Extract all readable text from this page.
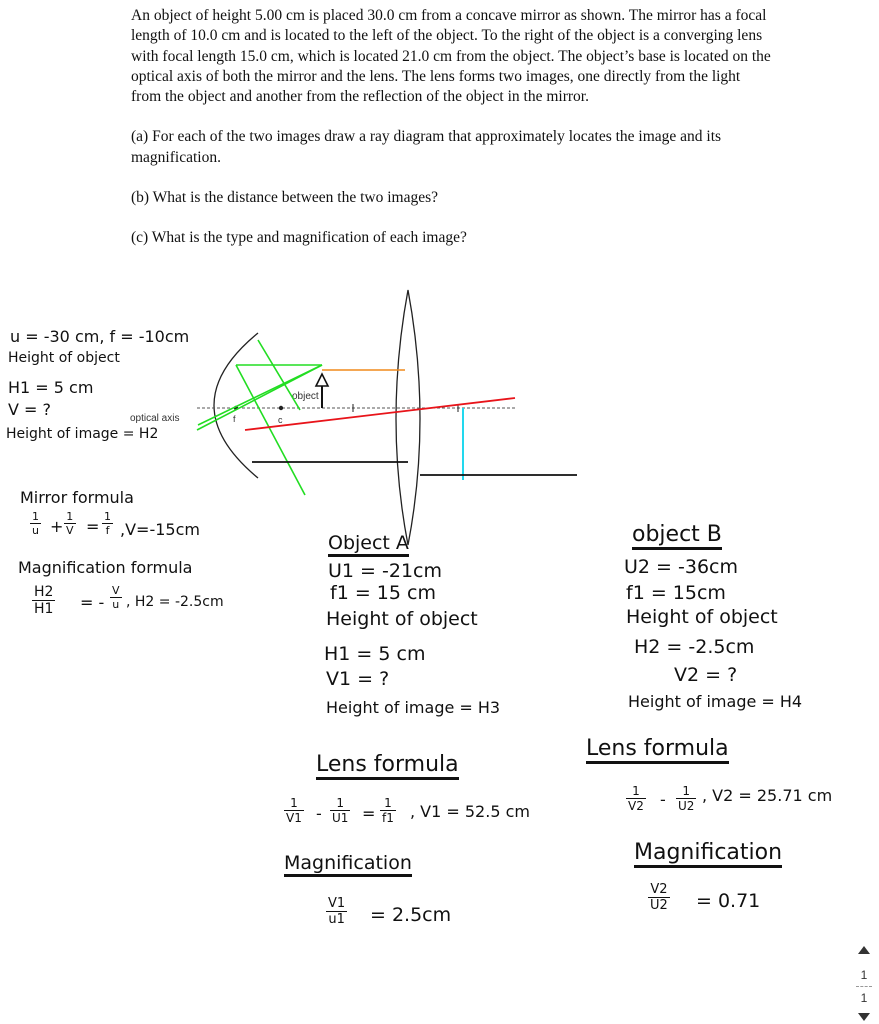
An object of height 5.00 cm is placed 30.0 cm from a concave mirror as shown. The mirror has a focal length of 10.0 cm and is located to the left of the object. To the right of the object is a converging lens with focal length 15.0 cm, which is located 21.0 cm from the object. The object’s base is located on the optical axis of both the mirror and the lens. The lens forms two images, one directly from the light from the object and another from the reflection of the object in the mirror.

(a) For each of the two images draw a ray diagram that approximately locates the image and its magnification.

(b) What is the distance between the two images?

(c) What is the type and magnification of each image?

optical axis	f	c
object
u = -30 cm, f = -10cm
Height of object
H1 = 5 cm
V = ?
Height of image = H2
Mirror formula
$\frac{1}{u} + \frac{1}{V} = \frac{1}{f} ,V=-15cm$
Magnification formula
$\frac{H2}{H1}$ = - $\frac{V}{u}$ , H2 = -2.5cm
Object A
U1 = -21cm
f1 = 15 cm
Height of object
H1 = 5 cm
V1 = ?
Height of image = H3
Lens formula
$\frac{1}{V1} - \frac{1}{U1} = \frac{1}{f1}$ , V1 = 52.5 cm
Magnification
$\frac{V1}{u1} = 2.5cm$
object B
U2 = -36cm
f1 = 15cm
Height of object
H2 = -2.5cm
V2 = ?
Height of image = H4
Lens formula
$\frac{1}{V2} - \frac{1}{U2}$ , V2 = 25.71 cm
Magnification
$\frac{V2}{U2} = 0.71$
1
1
